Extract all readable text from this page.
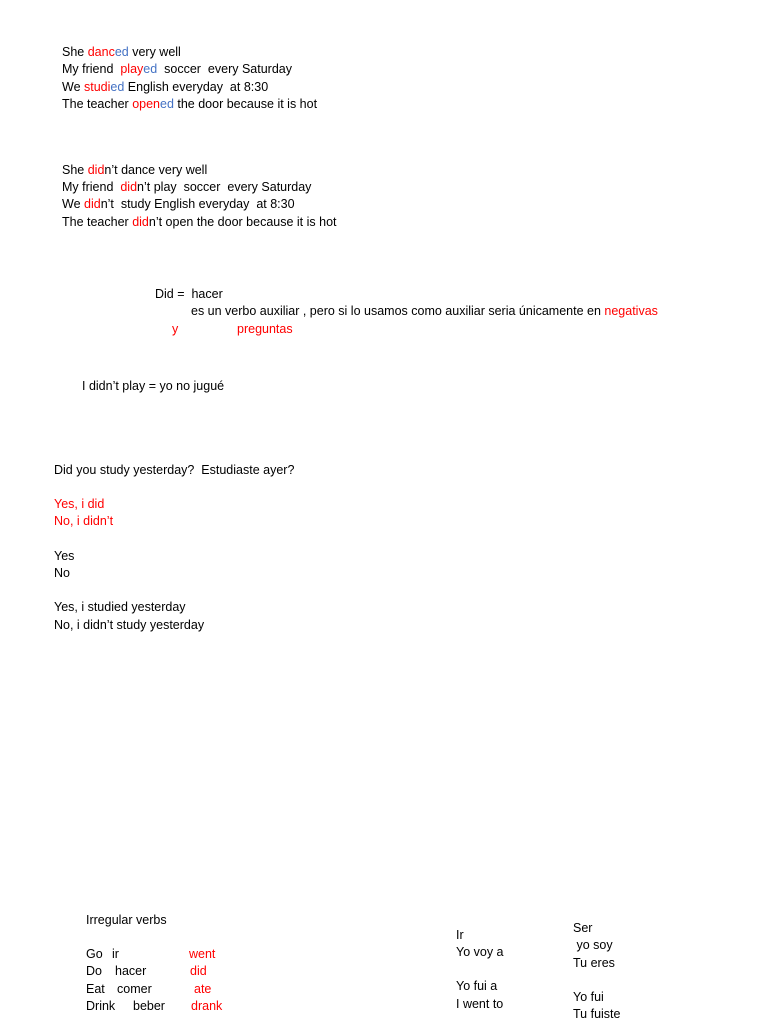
She danced very well
My friend  played  soccer  every Saturday
We studied English everyday  at 8:30
The teacher opened the door because it is hot
She didn’t dance very well
My friend  didn’t play  soccer  every Saturday
We didn’t  study English everyday  at 8:30
The teacher didn’t open the door because it is hot
Did =  hacer
es un verbo auxiliar , pero si lo usamos como auxiliar seria únicamente en negativas
y	preguntas
I didn’t play = yo no jugué
Did you study yesterday?  Estudiaste ayer?
Yes, i did
No, i didn’t
Yes
No
Yes, i studied yesterday
No, i didn’t study yesterday
Irregular verbs
Go ir	went
Do hacer	did
Eat comer	ate
Drink beber drank
Ir
Yo voy a
Yo fui a
I went to
Ser
yo soy
Tu eres
Yo fui
Tu fuiste
